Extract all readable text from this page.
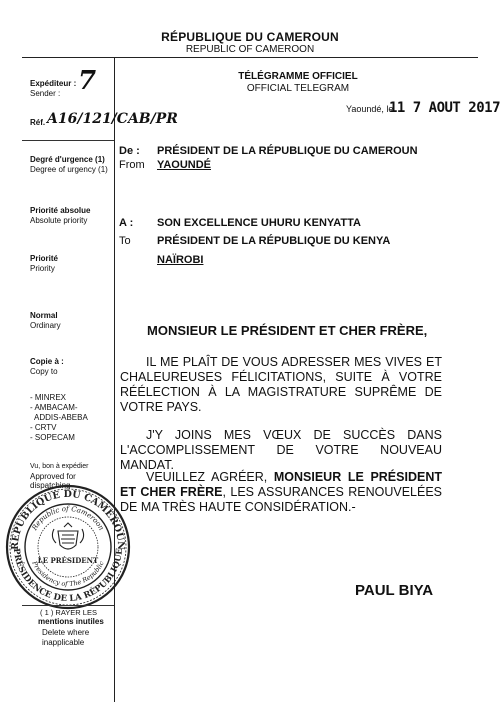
RÉPUBLIQUE DU CAMEROUN
REPUBLIC OF CAMEROON
TÉLÉGRAMME OFFICIEL
OFFICIAL TELEGRAM
Yaoundé, le
11 7 AOUT 2017
Expéditeur :
Sender : 7
Réf. A16/121/CAB/PR
Degré d'urgence (1)
Degree of urgency (1)
Priorité absolue
Absolute priority
Priorité
Priority
Normal
Ordinary
Copie à :
Copy to
- MINREX
- AMBACAM-
ADDIS-ABEBA
- CRTV
- SOPECAM
Vu, bon à expédier
Approved for
dispatching
REPUBLIQUE DU CAMEROUN
PRÉSIDENCE DE LA RÉPUBLIQUE
Republic of Cameroon
Presidency of The Republic
LE PRÉSIDENT
( 1 ) RAYER LES
mentions inutiles
Delete where
inapplicable
De :
From
PRÉSIDENT DE LA RÉPUBLIQUE DU CAMEROUN
YAOUNDÉ
A :
To
SON EXCELLENCE UHURU KENYATTA
PRÉSIDENT DE LA RÉPUBLIQUE DU KENYA
NAÏROBI
MONSIEUR LE PRÉSIDENT ET CHER FRÈRE,
IL ME PLAÎT DE VOUS ADRESSER MES VIVES ET CHALEUREUSES FÉLICITATIONS, SUITE À VOTRE RÉÉLECTION À LA MAGISTRATURE SUPRÊME DE VOTRE PAYS.
J'Y JOINS MES VŒUX DE SUCCÈS DANS L'ACCOMPLISSEMENT DE VOTRE NOUVEAU MANDAT.
VEUILLEZ AGRÉER, MONSIEUR LE PRÉSIDENT ET CHER FRÈRE, LES ASSURANCES RENOUVELÉES DE MA TRÈS HAUTE CONSIDÉRATION.-
PAUL BIYA
